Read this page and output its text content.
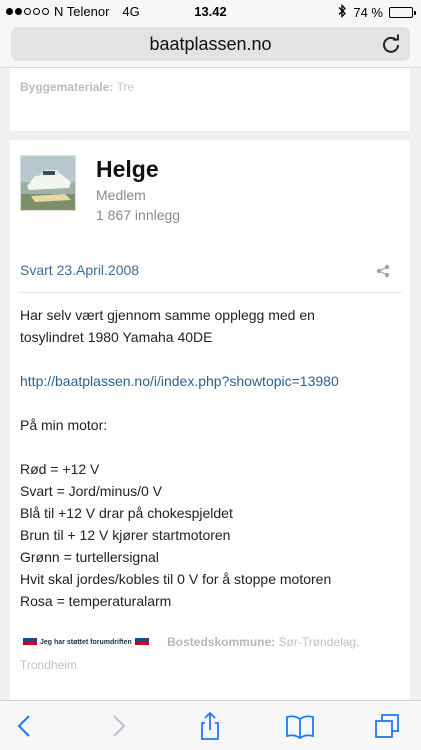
N Telenor 4G	13.42	74 %
baatplassen.no
Byggemateriale: Tre
Helge
Medlem
1 867 innlegg
Svart 23.April.2008

Har selv vært gjennom samme opplegg med en

tosylindret 1980 Yamaha 40DE

http://baatplassen.no/i/index.php?showtopic=13980

På min motor:

Rød = +12 V

Svart = Jord/minus/0 V

Blå til +12 V drar på chokespjeldet

Brun til + 12 V kjører startmotoren

Grønn = turtellersignal

Hvit skal jordes/kobles til 0 V for å stoppe motoren

Rosa = temperaturalarm

Jeg har støttet forumdriften	Bostedskommune: Sør-Trøndelag, Trondheim
